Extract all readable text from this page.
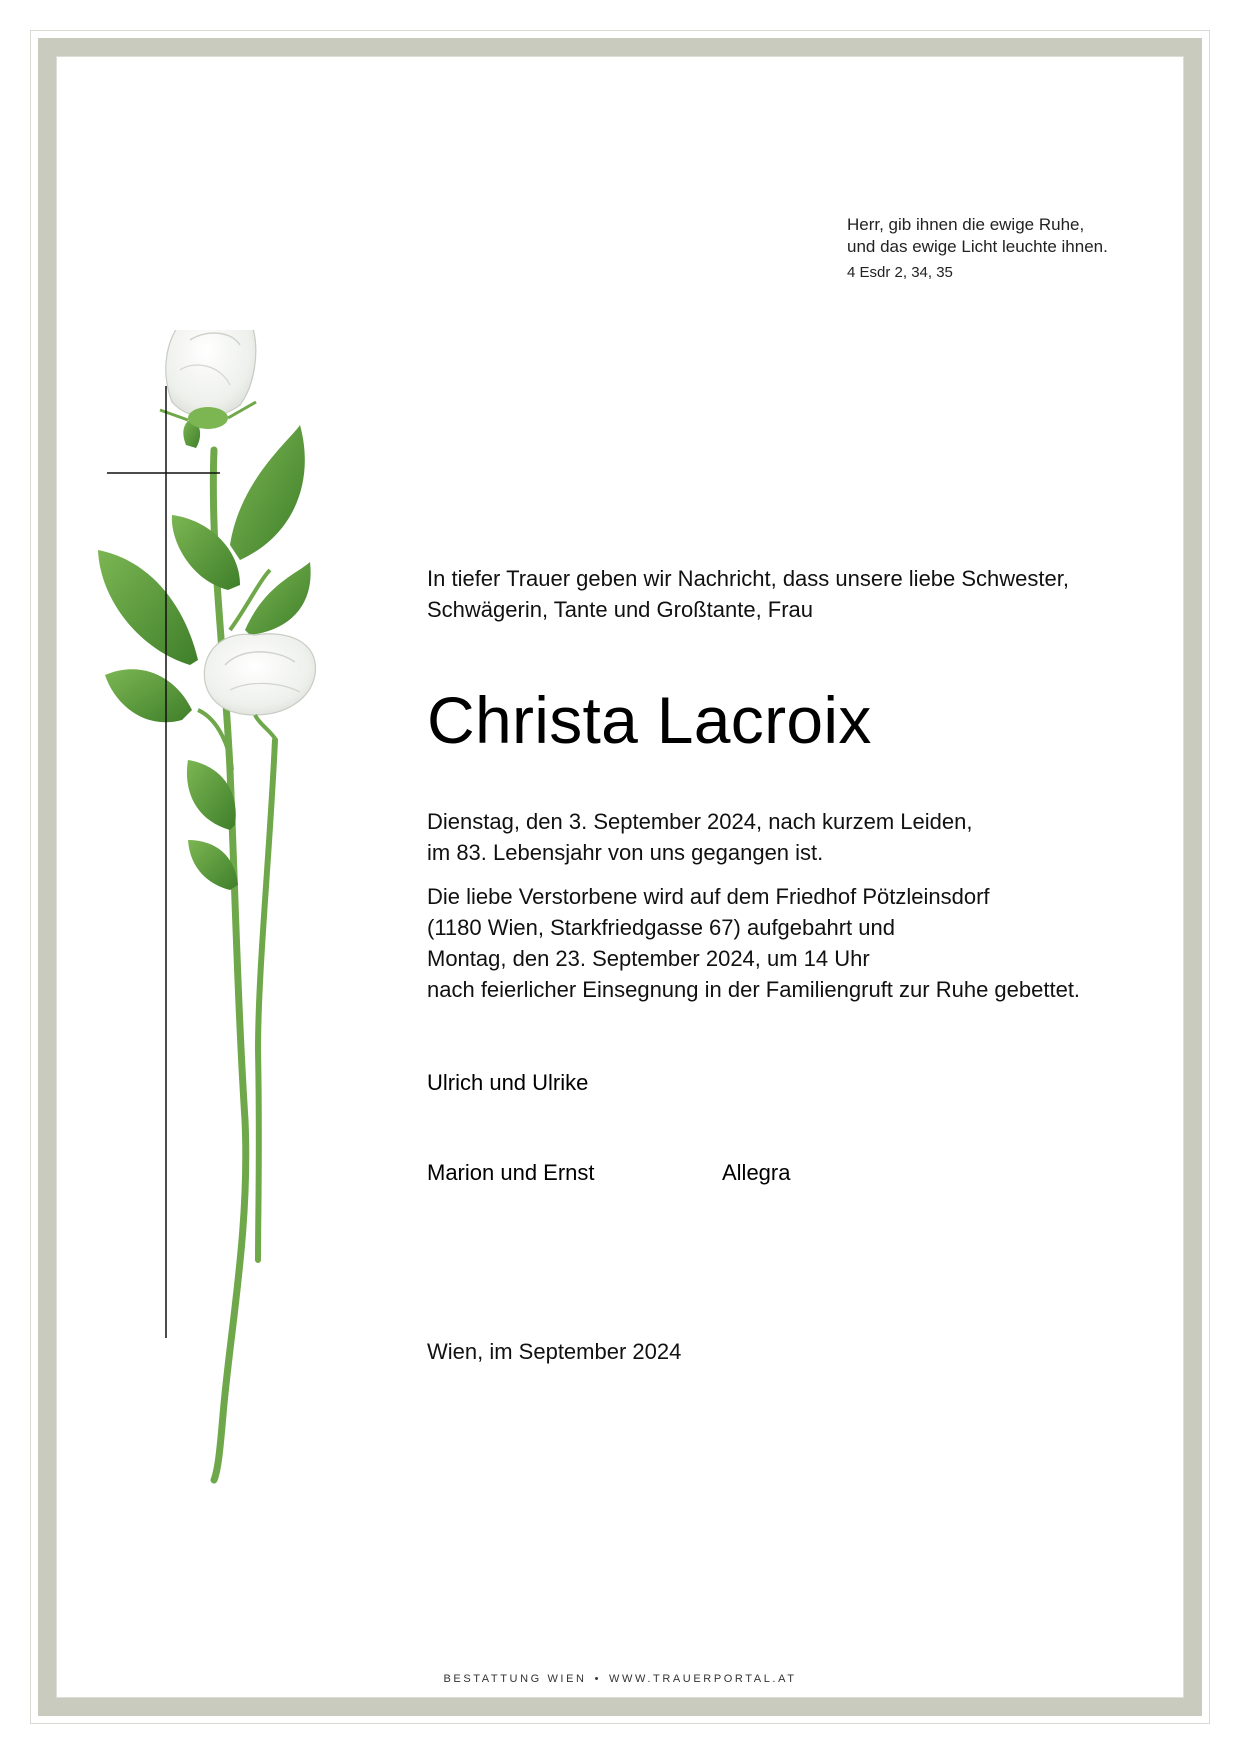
Herr, gib ihnen die ewige Ruhe,

und das ewige Licht leuchte ihnen.

4 Esdr 2, 34, 35

In tiefer Trauer geben wir Nachricht, dass unsere liebe Schwester,

Schwägerin, Tante und Großtante, Frau

Christa Lacroix

Dienstag, den 3. September 2024, nach kurzem Leiden,

im 83. Lebensjahr von uns gegangen ist.

Die liebe Verstorbene wird auf dem Friedhof Pötzleinsdorf

(1180 Wien, Starkfriedgasse 67) aufgebahrt und

Montag, den 23. September 2024, um 14 Uhr

nach feierlicher Einsegnung in der Familiengruft zur Ruhe gebettet.

Ulrich und Ulrike
Marion und Ernst	Allegra
Wien, im September 2024
BESTATTUNG WIEN • WWW.TRAUERPORTAL.AT
